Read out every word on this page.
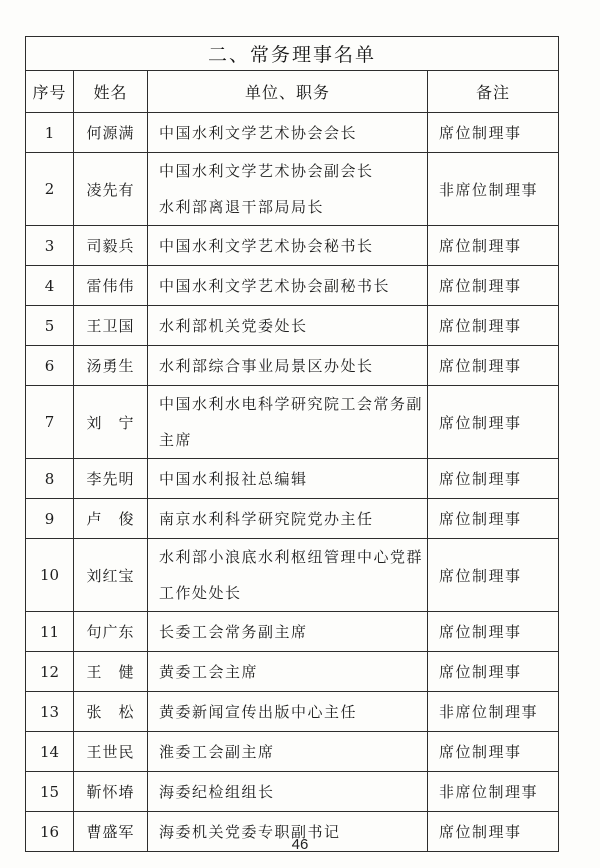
二、常务理事名单			
序号	姓名	单位、职务	备注
1	何源满	中国水利文学艺术协会会长	席位制理事
2	凌先有	中国水利文学艺术协会副会长
水利部离退干部局局长	非席位制理事
3	司毅兵	中国水利文学艺术协会秘书长	席位制理事
4	雷伟伟	中国水利文学艺术协会副秘书长	席位制理事
5	王卫国	水利部机关党委处长	席位制理事
6	汤勇生	水利部综合事业局景区办处长	席位制理事
7	刘　宁	中国水利水电科学研究院工会常务副
主席	席位制理事
8	李先明	中国水利报社总编辑	席位制理事
9	卢　俊	南京水利科学研究院党办主任	席位制理事
10	刘红宝	水利部小浪底水利枢纽管理中心党群
工作处处长	席位制理事
11	句广东	长委工会常务副主席	席位制理事
12	王　健	黄委工会主席	席位制理事
13	张　松	黄委新闻宣传出版中心主任	非席位制理事
14	王世民	淮委工会副主席	席位制理事
15	靳怀堾	海委纪检组组长	非席位制理事
16	曹盛军	海委机关党委专职副书记	席位制理事
46
